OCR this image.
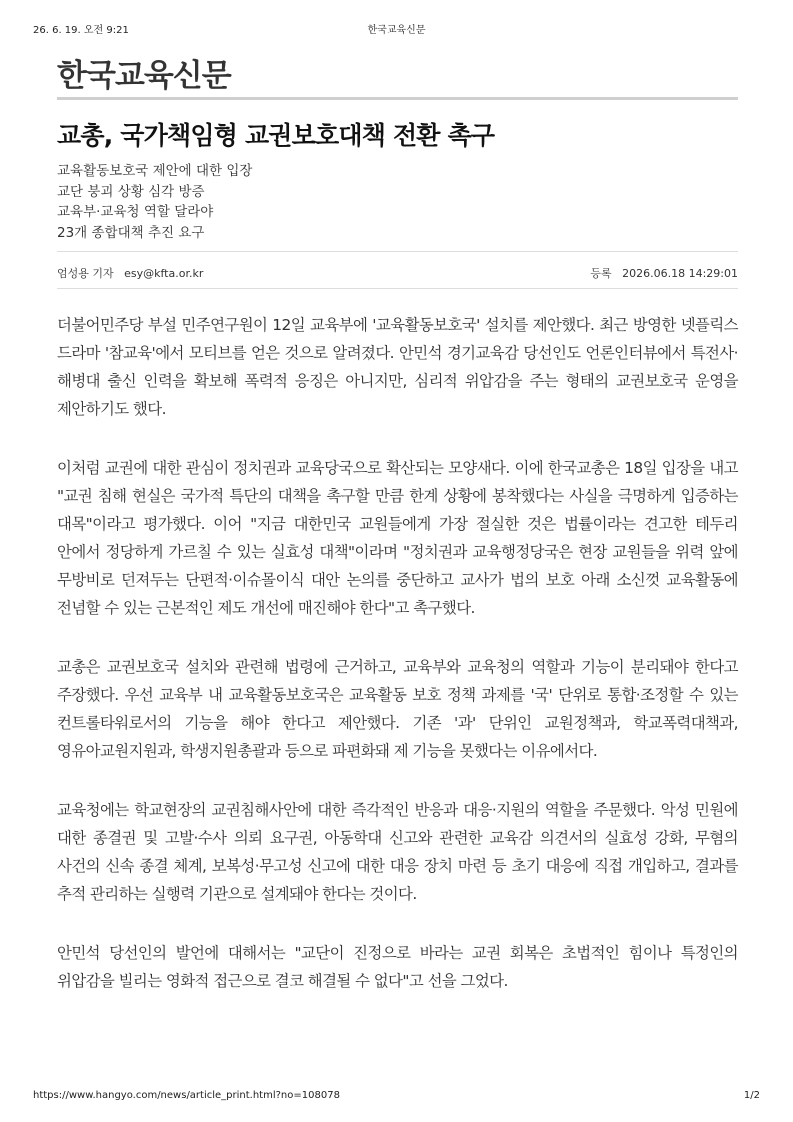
26. 6. 19. 오전 9:21	한국교육신문
한국교육신문
교총, 국가책임형 교권보호대책 전환 촉구
교육활동보호국 제안에 대한 입장
교단 붕괴 상황 심각 방증
교육부·교육청 역할 달라야
23개 종합대책 추진 요구
엄성용 기자   esy@kfta.or.kr	등록   2026.06.18 14:29:01

더불어민주당 부설 민주연구원이 12일 교육부에 '교육활동보호국' 설치를 제안했다. 최근 방영한 넷플릭스 드라마 '참교육'에서 모티브를 얻은 것으로 알려졌다. 안민석 경기교육감 당선인도 언론인터뷰에서 특전사·해병대 출신 인력을 확보해 폭력적 응징은 아니지만, 심리적 위압감을 주는 형태의 교권보호국 운영을 제안하기도 했다.

이처럼 교권에 대한 관심이 정치권과 교육당국으로 확산되는 모양새다. 이에 한국교총은 18일 입장을 내고 "교권 침해 현실은 국가적 특단의 대책을 촉구할 만큼 한계 상황에 봉착했다는 사실을 극명하게 입증하는 대목"이라고 평가했다. 이어 "지금 대한민국 교원들에게 가장 절실한 것은 법률이라는 견고한 테두리 안에서 정당하게 가르칠 수 있는 실효성 대책"이라며 "정치권과 교육행정당국은 현장 교원들을 위력 앞에 무방비로 던져두는 단편적·이슈몰이식 대안 논의를 중단하고 교사가 법의 보호 아래 소신껏 교육활동에 전념할 수 있는 근본적인 제도 개선에 매진해야 한다"고 촉구했다.

교총은 교권보호국 설치와 관련해 법령에 근거하고, 교육부와 교육청의 역할과 기능이 분리돼야 한다고 주장했다. 우선 교육부 내 교육활동보호국은 교육활동 보호 정책 과제를 '국' 단위로 통합·조정할 수 있는 컨트롤타워로서의 기능을 해야 한다고 제안했다. 기존 '과' 단위인 교원정책과, 학교폭력대책과, 영유아교원지원과, 학생지원총괄과 등으로 파편화돼 제 기능을 못했다는 이유에서다.

교육청에는 학교현장의 교권침해사안에 대한 즉각적인 반응과 대응·지원의 역할을 주문했다. 악성 민원에 대한 종결권 및 고발·수사 의뢰 요구권, 아동학대 신고와 관련한 교육감 의견서의 실효성 강화, 무혐의 사건의 신속 종결 체계, 보복성·무고성 신고에 대한 대응 장치 마련 등 초기 대응에 직접 개입하고, 결과를 추적 관리하는 실행력 기관으로 설계돼야 한다는 것이다.

안민석 당선인의 발언에 대해서는 "교단이 진정으로 바라는 교권 회복은 초법적인 힘이나 특정인의 위압감을 빌리는 영화적 접근으로 결코 해결될 수 없다"고 선을 그었다.

https://www.hangyo.com/news/article_print.html?no=108078	1/2
